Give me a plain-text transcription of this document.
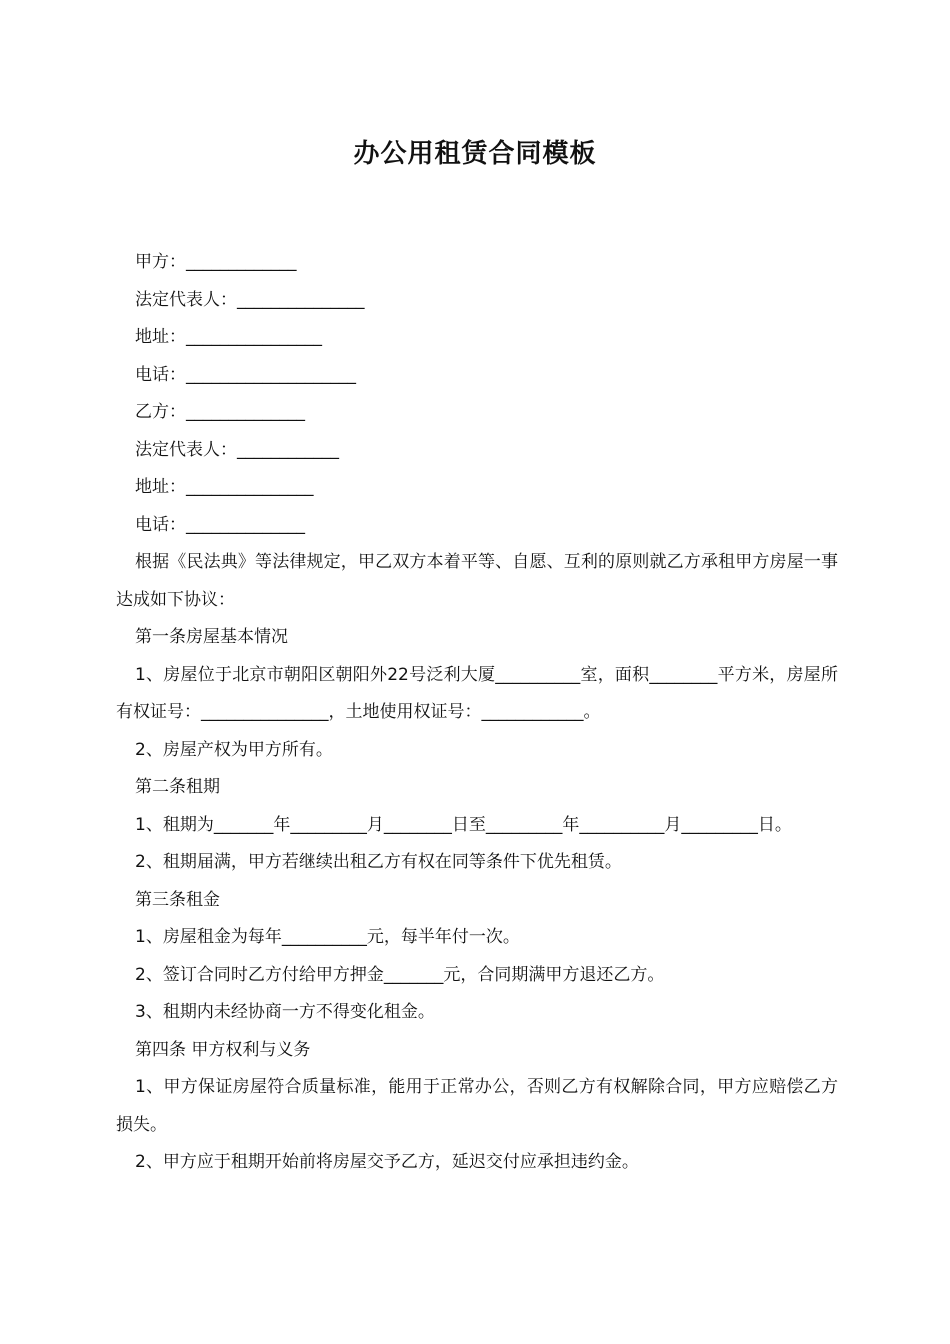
办公用租赁合同模板

甲方：_____________

法定代表人：_______________

地址：________________

电话：____________________

乙方：______________

法定代表人：____________

地址：_______________

电话：______________

根据《民法典》等法律规定，甲乙双方本着平等、自愿、互利的原则就乙方承租甲方房屋一事达成如下协议：

第一条房屋基本情况

1、房屋位于北京市朝阳区朝阳外22号泛利大厦__________室，面积________平方米，房屋所有权证号：_______________，土地使用权证号：____________。

2、房屋产权为甲方所有。

第二条租期

1、租期为_______年_________月________日至_________年__________月_________日。

2、租期届满，甲方若继续出租乙方有权在同等条件下优先租赁。

第三条租金

1、房屋租金为每年__________元，每半年付一次。

2、签订合同时乙方付给甲方押金_______元，合同期满甲方退还乙方。

3、租期内未经协商一方不得变化租金。

第四条 甲方权利与义务

1、甲方保证房屋符合质量标准，能用于正常办公，否则乙方有权解除合同，甲方应赔偿乙方损失。

2、甲方应于租期开始前将房屋交予乙方，延迟交付应承担违约金。
